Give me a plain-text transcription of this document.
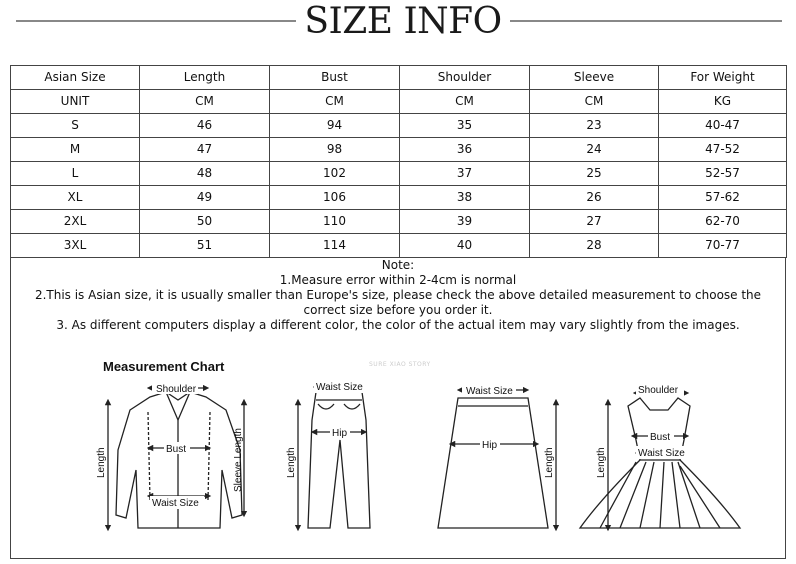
SIZE INFO
Asian Size	Length	Bust	Shoulder	Sleeve	For Weight
UNIT	CM	CM	CM	CM	KG
S	46	94	35	23	40-47
M	47	98	36	24	47-52
L	48	102	37	25	52-57
XL	49	106	38	26	57-62
2XL	50	110	39	27	62-70
3XL	51	114	40	28	70-77
Note:
1.Measure error within 2-4cm is normal
2.This is Asian size, it is usually smaller than Europe's size, please check the above detailed measurement to choose the correct size before you order it.
3. As different computers display a different color, the color of the actual item may vary slightly from the images.
Measurement Chart	SURE XIAO STORY
Shoulder
Bust
Waist Size
Length	Sleeve Length
Waist Size
Hip
Length
Waist Size
Hip
Length
Shoulder
Bust
Waist Size
Length
